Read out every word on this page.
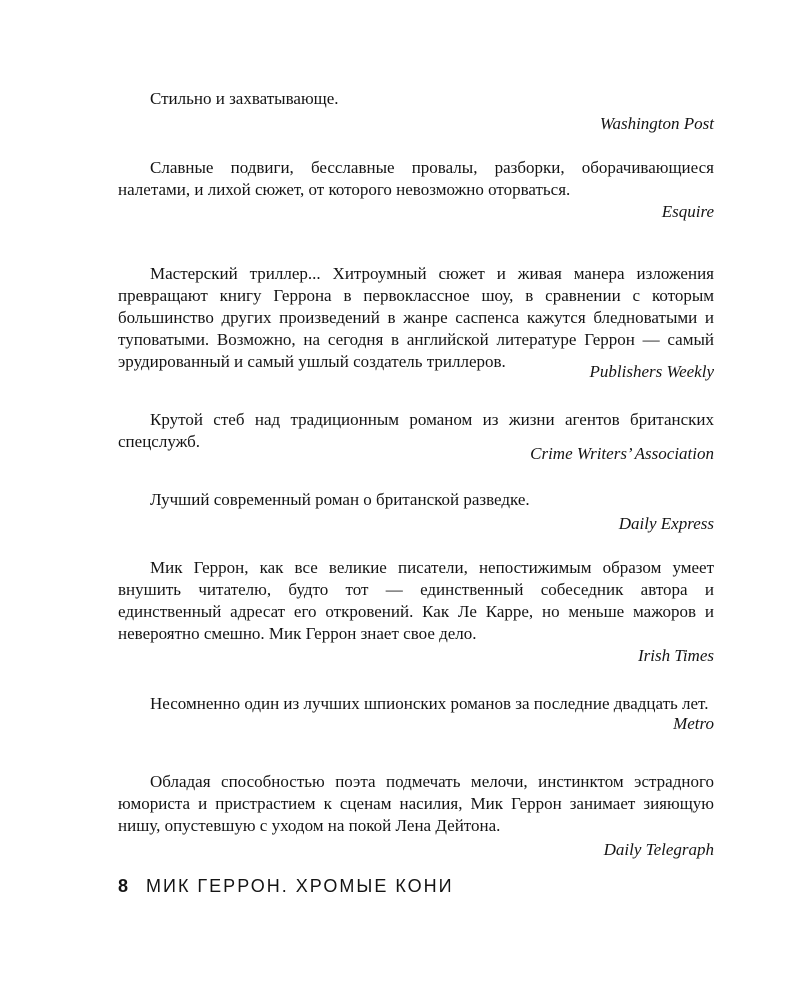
Стильно и захватывающе.

Washington Post

Славные подвиги, бесславные провалы, разборки, оборачивающиеся налетами, и лихой сюжет, от которого невозможно оторваться.

Esquire

Мастерский триллер... Хитроумный сюжет и живая манера изложения превращают книгу Геррона в первоклассное шоу, в сравнении с которым большинство других произведений в жанре саспенса кажутся бледноватыми и туповатыми. Возможно, на сегодня в английской литературе Геррон — самый эрудированный и самый ушлый создатель триллеров.

Publishers Weekly

Крутой стеб над традиционным романом из жизни агентов британских спецслужб.

Crime Writers’ Association

Лучший современный роман о британской разведке.

Daily Express

Мик Геррон, как все великие писатели, непостижимым образом умеет внушить читателю, будто тот — единственный собеседник автора и единственный адресат его откровений. Как Ле Карре, но меньше мажоров и невероятно смешно. Мик Геррон знает свое дело.

Irish Times

Несомненно один из лучших шпионских романов за последние двадцать лет.

Metro

Обладая способностью поэта подмечать мелочи, инстинктом эстрадного юмориста и пристрастием к сценам насилия, Мик Геррон занимает зияющую нишу, опустевшую с уходом на покой Лена Дейтона.

Daily Telegraph

8 МИК ГЕРРОН. ХРОМЫЕ КОНИ
